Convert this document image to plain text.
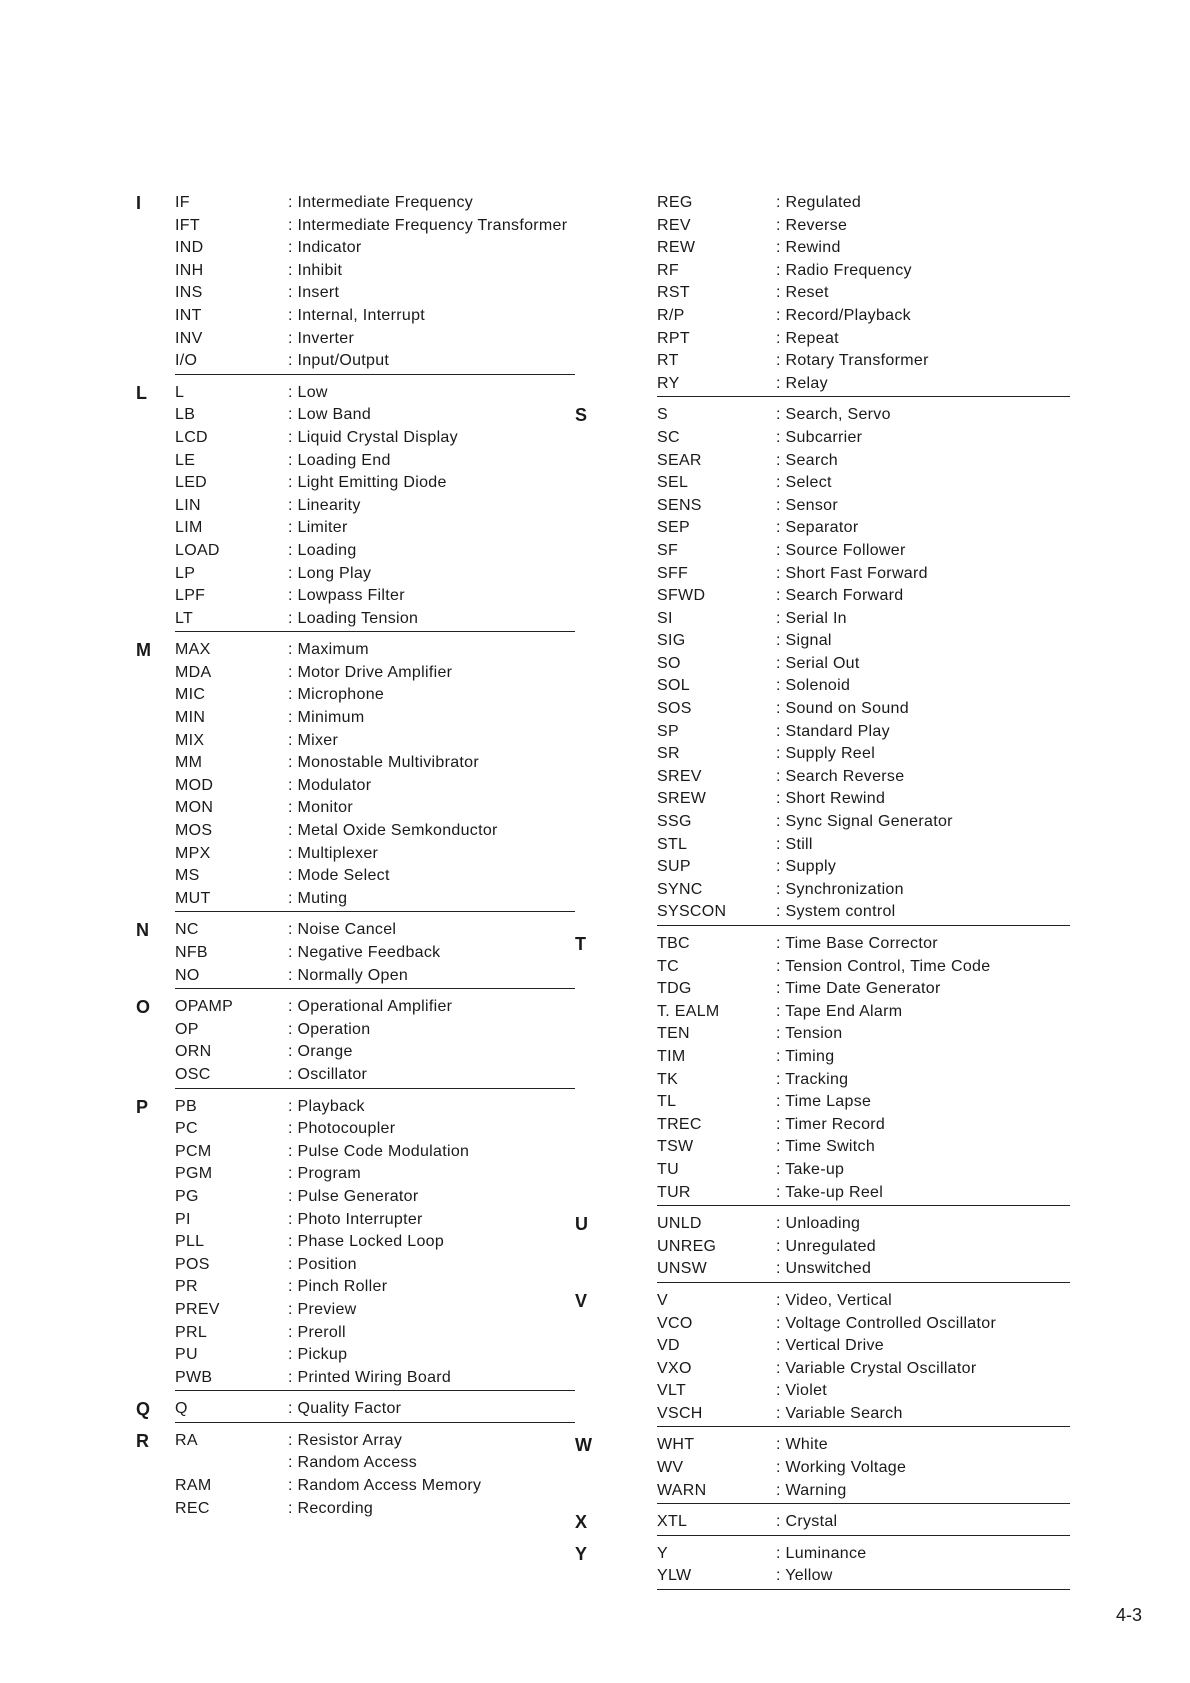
I IF	: Intermediate Frequency
IFT	: Intermediate Frequency Transformer
IND	: Indicator
INH	: Inhibit
INS	: Insert
INT	: Internal, Interrupt
INV	: Inverter
I/O	: Input/Output
L L	: Low
LB	: Low Band
LCD	: Liquid Crystal Display
LE	: Loading End
LED	: Light Emitting Diode
LIN	: Linearity
LIM	: Limiter
LOAD	: Loading
LP	: Long Play
LPF	: Lowpass Filter
LT	: Loading Tension
M MAX	: Maximum
MDA	: Motor Drive Amplifier
MIC	: Microphone
MIN	: Minimum
MIX	: Mixer
MM	: Monostable Multivibrator
MOD	: Modulator
MON	: Monitor
MOS	: Metal Oxide Semkonductor
MPX	: Multiplexer
MS	: Mode Select
MUT	: Muting
N NC	: Noise Cancel
NFB	: Negative Feedback
NO	: Normally Open
O OPAMP	: Operational Amplifier
OP	: Operation
ORN	: Orange
OSC	: Oscillator
P PB	: Playback
PC	: Photocoupler
PCM	: Pulse Code Modulation
PGM	: Program
PG	: Pulse Generator
PI	: Photo Interrupter
PLL	: Phase Locked Loop
POS	: Position
PR	: Pinch Roller
PREV	: Preview
PRL	: Preroll
PU	: Pickup
PWB	: Printed Wiring Board
Q Q	: Quality Factor
R RA	: Resistor Array
: Random Access
RAM	: Random Access Memory
REC	: Recording
REG	: Regulated
REV	: Reverse
REW	: Rewind
RF	: Radio Frequency
RST	: Reset
R/P	: Record/Playback
RPT	: Repeat
RT	: Rotary Transformer
RY	: Relay
S	S	: Search, Servo
SC	: Subcarrier
SEAR	: Search
SEL	: Select
SENS	: Sensor
SEP	: Separator
SF	: Source Follower
SFF	: Short Fast Forward
SFWD	: Search Forward
SI	: Serial In
SIG	: Signal
SO	: Serial Out
SOL	: Solenoid
SOS	: Sound on Sound
SP	: Standard Play
SR	: Supply Reel
SREV	: Search Reverse
SREW	: Short Rewind
SSG	: Sync Signal Generator
STL	: Still
SUP	: Supply
SYNC	: Synchronization
SYSCON	: System control
T	TBC	: Time Base Corrector
TC	: Tension Control, Time Code
TDG	: Time Date Generator
T. EALM	: Tape End Alarm
TEN	: Tension
TIM	: Timing
TK	: Tracking
TL	: Time Lapse
TREC	: Timer Record
TSW	: Time Switch
TU	: Take-up
TUR	: Take-up Reel
U	UNLD	: Unloading
UNREG	: Unregulated
UNSW	: Unswitched
V	V	: Video, Vertical
VCO	: Voltage Controlled Oscillator
VD	: Vertical Drive
VXO	: Variable Crystal Oscillator
VLT	: Violet
VSCH	: Variable Search
W	WHT	: White
WV	: Working Voltage
WARN	: Warning
X	XTL	: Crystal
Y	Y	: Luminance
YLW	: Yellow
4-3
